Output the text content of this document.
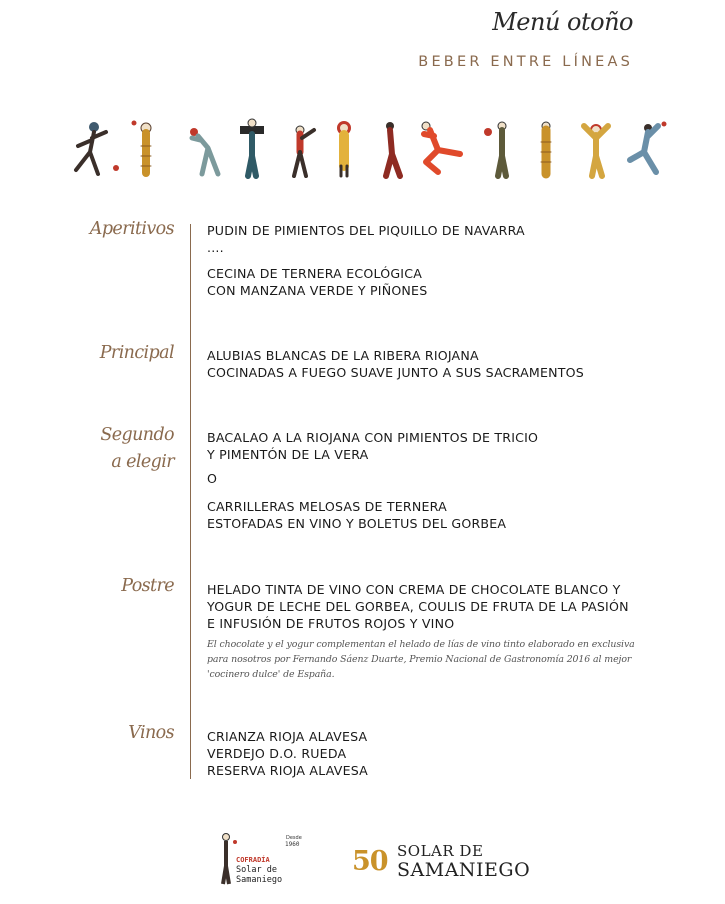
Menú otoño
BEBER ENTRE LÍNEAS
Aperitivos	PUDIN DE PIMIENTOS DEL PIQUILLO DE NAVARRA
....
CECINA DE TERNERA ECOLÓGICA
CON MANZANA VERDE Y PIÑONES
Principal	ALUBIAS BLANCAS DE LA RIBERA RIOJANA
COCINADAS A FUEGO SUAVE JUNTO A SUS SACRAMENTOS
Segundo
a elegir
BACALAO A LA RIOJANA CON PIMIENTOS DE TRICIO
Y PIMENTÓN DE LA VERA
O
CARRILLERAS MELOSAS DE TERNERA
ESTOFADAS EN VINO Y BOLETUS DEL GORBEA
Postre	HELADO TINTA DE VINO CON CREMA DE CHOCOLATE BLANCO Y
YOGUR DE LECHE DEL GORBEA, COULIS DE FRUTA DE LA PASIÓN
E INFUSIÓN DE FRUTOS ROJOS Y VINO
El chocolate y el yogur complementan el helado de lías de vino tinto elaborado en exclusiva para nosotros por Fernando Sáenz Duarte, Premio Nacional de Gastronomía 2016 al mejor 'cocinero dulce' de España.
Vinos	CRIANZA RIOJA ALAVESA
VERDEJO D.O. RUEDA
RESERVA RIOJA ALAVESA
Desde
1960
COFRADÍA
Solar de
Samaniego
50 SOLAR DE
SAMANIEGO
